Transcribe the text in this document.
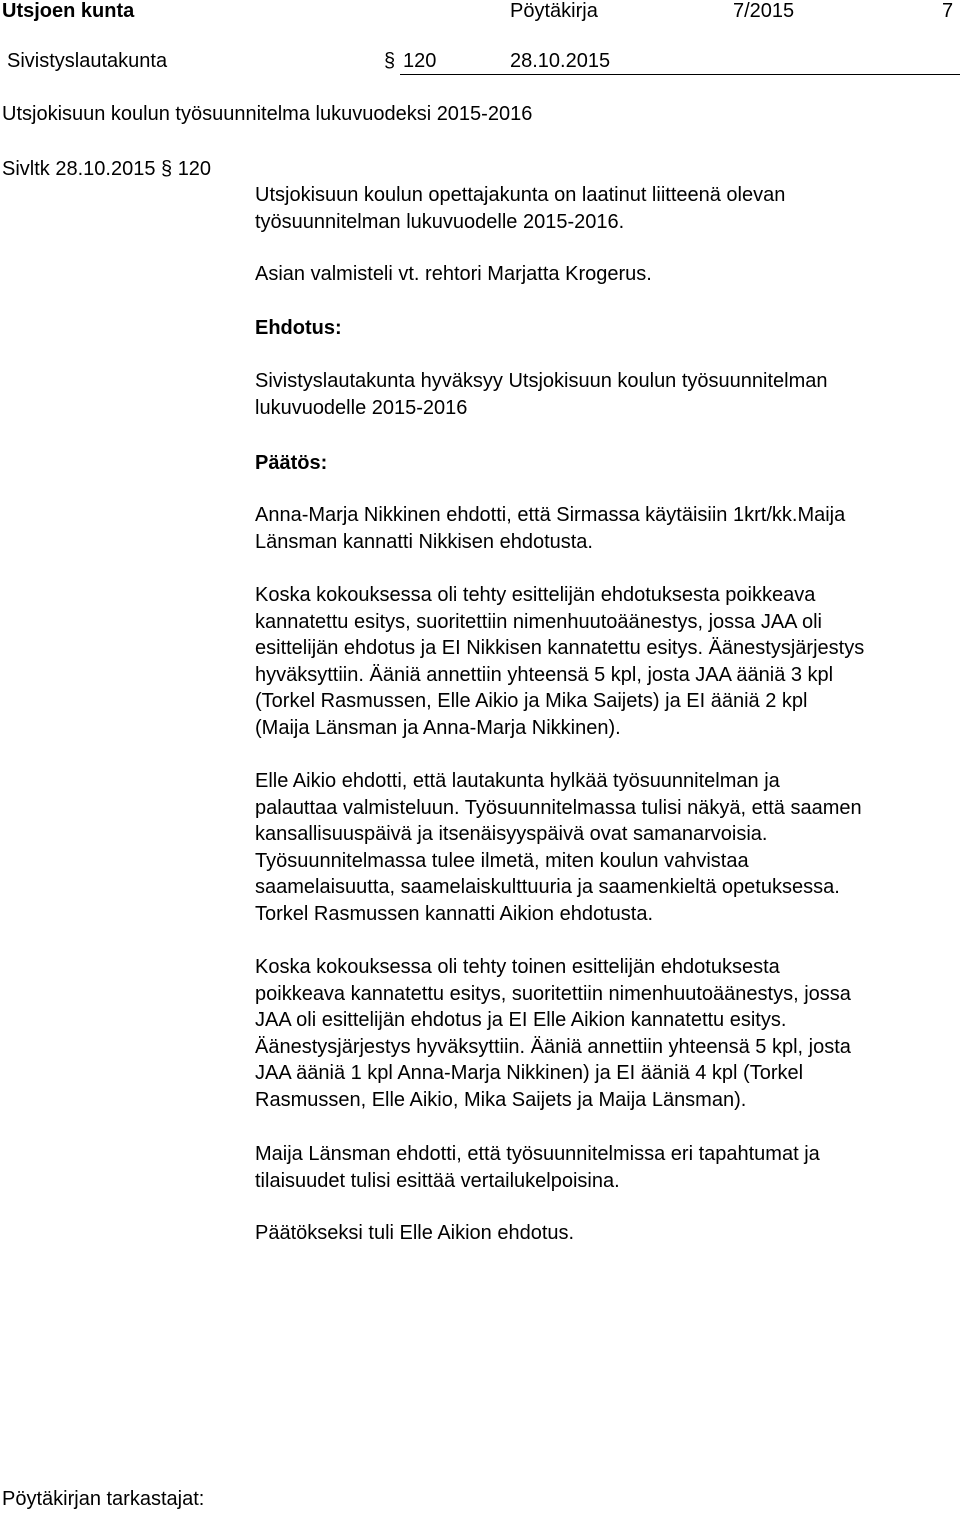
Utsjoen kunta	Pöytäkirja	7/2015	7
Sivistyslautakunta	§ 120	28.10.2015
Utsjokisuun koulun työsuunnitelma lukuvuodeksi 2015-2016
Sivltk 28.10.2015 § 120
Utsjokisuun koulun opettajakunta on laatinut liitteenä olevan
työsuunnitelman lukuvuodelle 2015-2016.
Asian valmisteli vt. rehtori Marjatta Krogerus.
Ehdotus:
Sivistyslautakunta hyväksyy Utsjokisuun koulun työsuunnitelman
lukuvuodelle 2015-2016
Päätös:
Anna-Marja Nikkinen ehdotti, että Sirmassa käytäisiin 1krt/kk.Maija
Länsman kannatti Nikkisen ehdotusta.
Koska kokouksessa oli tehty esittelijän ehdotuksesta poikkeava
kannatettu esitys, suoritettiin nimenhuutoäänestys, jossa JAA oli
esittelijän ehdotus ja EI Nikkisen kannatettu esitys. Äänestysjärjestys
hyväksyttiin. Ääniä annettiin yhteensä 5 kpl, josta JAA ääniä 3 kpl
(Torkel Rasmussen, Elle Aikio ja Mika Saijets) ja EI ääniä 2 kpl
(Maija Länsman ja Anna-Marja Nikkinen).
Elle Aikio ehdotti, että lautakunta hylkää työsuunnitelman ja
palauttaa valmisteluun. Työsuunnitelmassa tulisi näkyä, että saamen
kansallisuuspäivä ja itsenäisyyspäivä ovat samanarvoisia.
Työsuunnitelmassa tulee ilmetä, miten koulun vahvistaa
saamelaisuutta, saamelaiskulttuuria ja saamenkieltä opetuksessa.
Torkel Rasmussen kannatti Aikion ehdotusta.
Koska kokouksessa oli tehty toinen esittelijän ehdotuksesta
poikkeava kannatettu esitys, suoritettiin nimenhuutoäänestys, jossa
JAA oli esittelijän ehdotus ja EI Elle Aikion kannatettu esitys.
Äänestysjärjestys hyväksyttiin. Ääniä annettiin yhteensä 5 kpl, josta
JAA ääniä 1 kpl Anna-Marja Nikkinen) ja EI ääniä 4 kpl (Torkel
Rasmussen, Elle Aikio, Mika Saijets ja Maija Länsman).
Maija Länsman ehdotti, että työsuunnitelmissa eri tapahtumat ja
tilaisuudet tulisi esittää vertailukelpoisina.
Päätökseksi tuli Elle Aikion ehdotus.
Pöytäkirjan tarkastajat:
